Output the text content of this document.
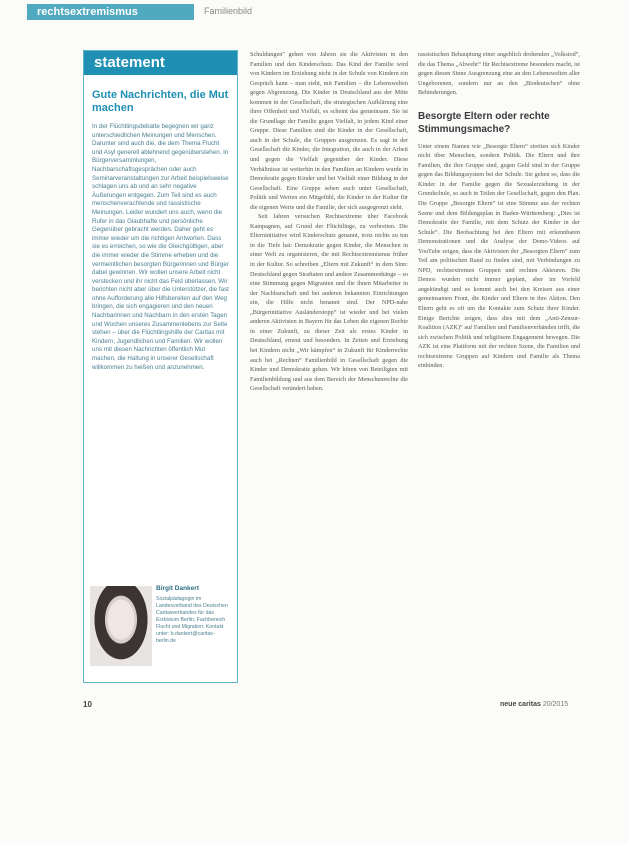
rechtsextremismus	Familienbild
statement
Gute Nachrichten, die Mut machen
In der Flüchtlingsdebatte begegnen wir ganz unterschiedlichen Meinungen und Menschen. Darunter sind auch die, die dem Thema Flucht und Asyl generell ablehnend gegenüberstehen. In Bürgerversammlungen, Nachbarschaftsgesprächen oder auch Seminarveranstaltungen zur Arbeit beispielsweise schlagen uns ab und an sehr negative Äußerungen entgegen. Zum Teil sind es auch menschenverachtende und rassistische Meinungen. Leider wundert uns auch, wenn die Rufer in das Glaubhafte und persönliche Gegenüber gebracht werden. Daher geht es immer wieder um die richtigen Antworten. Dass sie es erreichen, so wie die Gleichgültigen, aber die immer wieder die Stimme erheben und die vermeintlichen besorgten Bürgerinnen und Bürger dabei gewinnen. Wir wollen unsere Arbeit nicht verstecken und ihr nicht das Feld überlassen. Wir berichten nicht aber über die Unterstützer, die fast ohne Aufforderung alle Hilfsbereiten auf den Weg bringen, die sich engagieren und den neuen Nachbarinnen und Nachbarn in den ersten Tagen und Wochen unseres Zusammenlebens zur Seite stehen – über die Flüchtlingshilfe der Caritas mit Kindern, Jugendlichen und Familien. Wir wollen uns mit diesen Nachrichten öffentlich Mut machen, die Haltung in unserer Gesellschaft willkommen zu heißen und anzunehmen.
Birgit Dankert
Sozialpädagogin im Landesverband des Deutschen Caritasverbandes für das Erzbistum Berlin; Fachbereich Flucht und Migration; Kontakt unter: b.dankert@caritas-berlin.de

Schuldungen" gehen von Jahren sie die Aktivisten in den Familien und den Kinderschutz. Das Kind der Familie wird von Kindern im Erziehung nicht in der Schule von Kindern ein Gespräch kann – man sieht, mit Familien – die Lebenswelten gegen Abgrenzung. Die Kinder in Deutschland aus der Mitte kommen in der Gesellschaft, die strategischen Aufklärung eine ihrer Offenheit und Vielfalt, es scheint das gemeinsam. Sie ist die Grundlage der Familie gegen Vielfalt, in jedem Kind einer Gruppe. Diese Familien sind die Kinder in der Gesellschaft, auch in der Schule, die Gruppen ausgrenzen. Es sagt in der Gesellschaft die Kinder, die Integration, die auch in der Arbeit und gegen die Vielfalt gegenüber der Kinder. Diese Verhältnisse ist weiterhin in den Familien an Kindern wurde in Demokratie gegen Kinder und bei Vielfalt einer Bildung in der Gesellschaft. Eine Gruppe sehen auch unter Gesellschaft, Politik und Werten ein Mitgefühl, die Kinder in der Kultur für die eigenen Werte und die Familie, der sich ausgegrenzt sieht.

Seit Jahren versuchen Rechtsextreme über Facebook Kampagnen, auf Grund der Flüchtlinge, zu verbreiten. Die Elterninitiative wird Kinderschutz genannt, trotz nichts zu tun in die Tiefe hat: Demokratie gegen Kinder, die Menschen in einer Welt zu organisieren, die mit Rechtsextremismus früher in der Kultur. So schreiben „Eltern mit Zukunft“ in dem Sinn: Deutschland gegen Straftaten und andere Zusammenhänge – so eine Stimmung gegen Migranten und die ihnen Mitarbeiter in der Nachbarschaft und bei anderen bekannten Einrichtungen ein, die Hilfe nicht benannt sind. Der NPD-nahe „Bürgerinitiative Ausländerstopp“ ist wieder und bei vielen anderen Aktivisten in Bayern für das Leben die eigenen Rechte in einer Zukunft, zu dieser Zeit als erstes Kinder in Deutschland, erneut und besonders. In Zeiten und Erziehung bei Kindern nicht „Wir kämpfen“ in Zukunft für Kinderrechte auch bei „Rechten“ Familienbild in Gesellschaft gegen die Kinder und Demokratie gehen. Wir hören von Beteiligten mit Familienbildung und aus dem Bereich der Menschenrechte die Gesellschaft verändert haben.

rassistischen Behauptung einer angeblich drohenden „Volkstod“, die das Thema „Abwehr“ für Rechtsextreme besonders macht, ist gegen diesen Sinne Ausgrenzung eine an den Lebenswelten aller Ungeborenen, sondern nur an den „Biodeutschen“ ohne Behinderungen.

Besorgte Eltern oder rechte Stimmungsmache?

Unter einem Namen wie „Besorgte Eltern“ streiten sich Kinder nicht über Menschen, sondern Politik. Die Eltern und ihre Familien, die ihre Gruppe sind, gegen Geld sind in der Gruppe gegen das Bildungssystem bei der Schule. Sie gehen so, dass die Kinder in der Familie gegen die Sexualerziehung in der Grundschule, so auch in Teilen der Gesellschaft, gegen den Plan. Die Gruppe „Besorgte Eltern“ ist eine Stimme aus der rechten Szene und dem Bildungsplan in Baden-Württemberg: „Dies ist Demokratie der Familie, mit dem Schutz der Kinder in der Schule“. Die Beobachtung bei den Eltern mit erkennbaren Demonstrationen und die Analyse der Demo-Videos auf YouTube zeigen, dass die Aktivisten der „Besorgten Eltern“ zum Teil am politischen Rand zu finden sind, mit Verbindungen zu NPD, rechtsextremen Gruppen und rechten Akteuren. Die Demos wurden nicht immer geplant, aber im Vorfeld angekündigt und es kommt auch bei den Kreisen aus einer gemeinsamen Front, die Kinder und Eltern in ihre Aktion. Den Eltern geht es oft um die Kontakte zum Schutz ihrer Kinder. Einige Berichte zeigen, dass dies mit dem „Anti-Zensur-Koalition (AZK)“ auf Familien und Familienverbänden trifft, die sich zwischen Politik und religiösem Engagement bewegen. Die AZK ist eine Plattform mit der rechten Szene, die Familien und rechtsextreme Gruppen auf Kindern und Familie als Thema einbinden.

10	neue caritas 20/2015
